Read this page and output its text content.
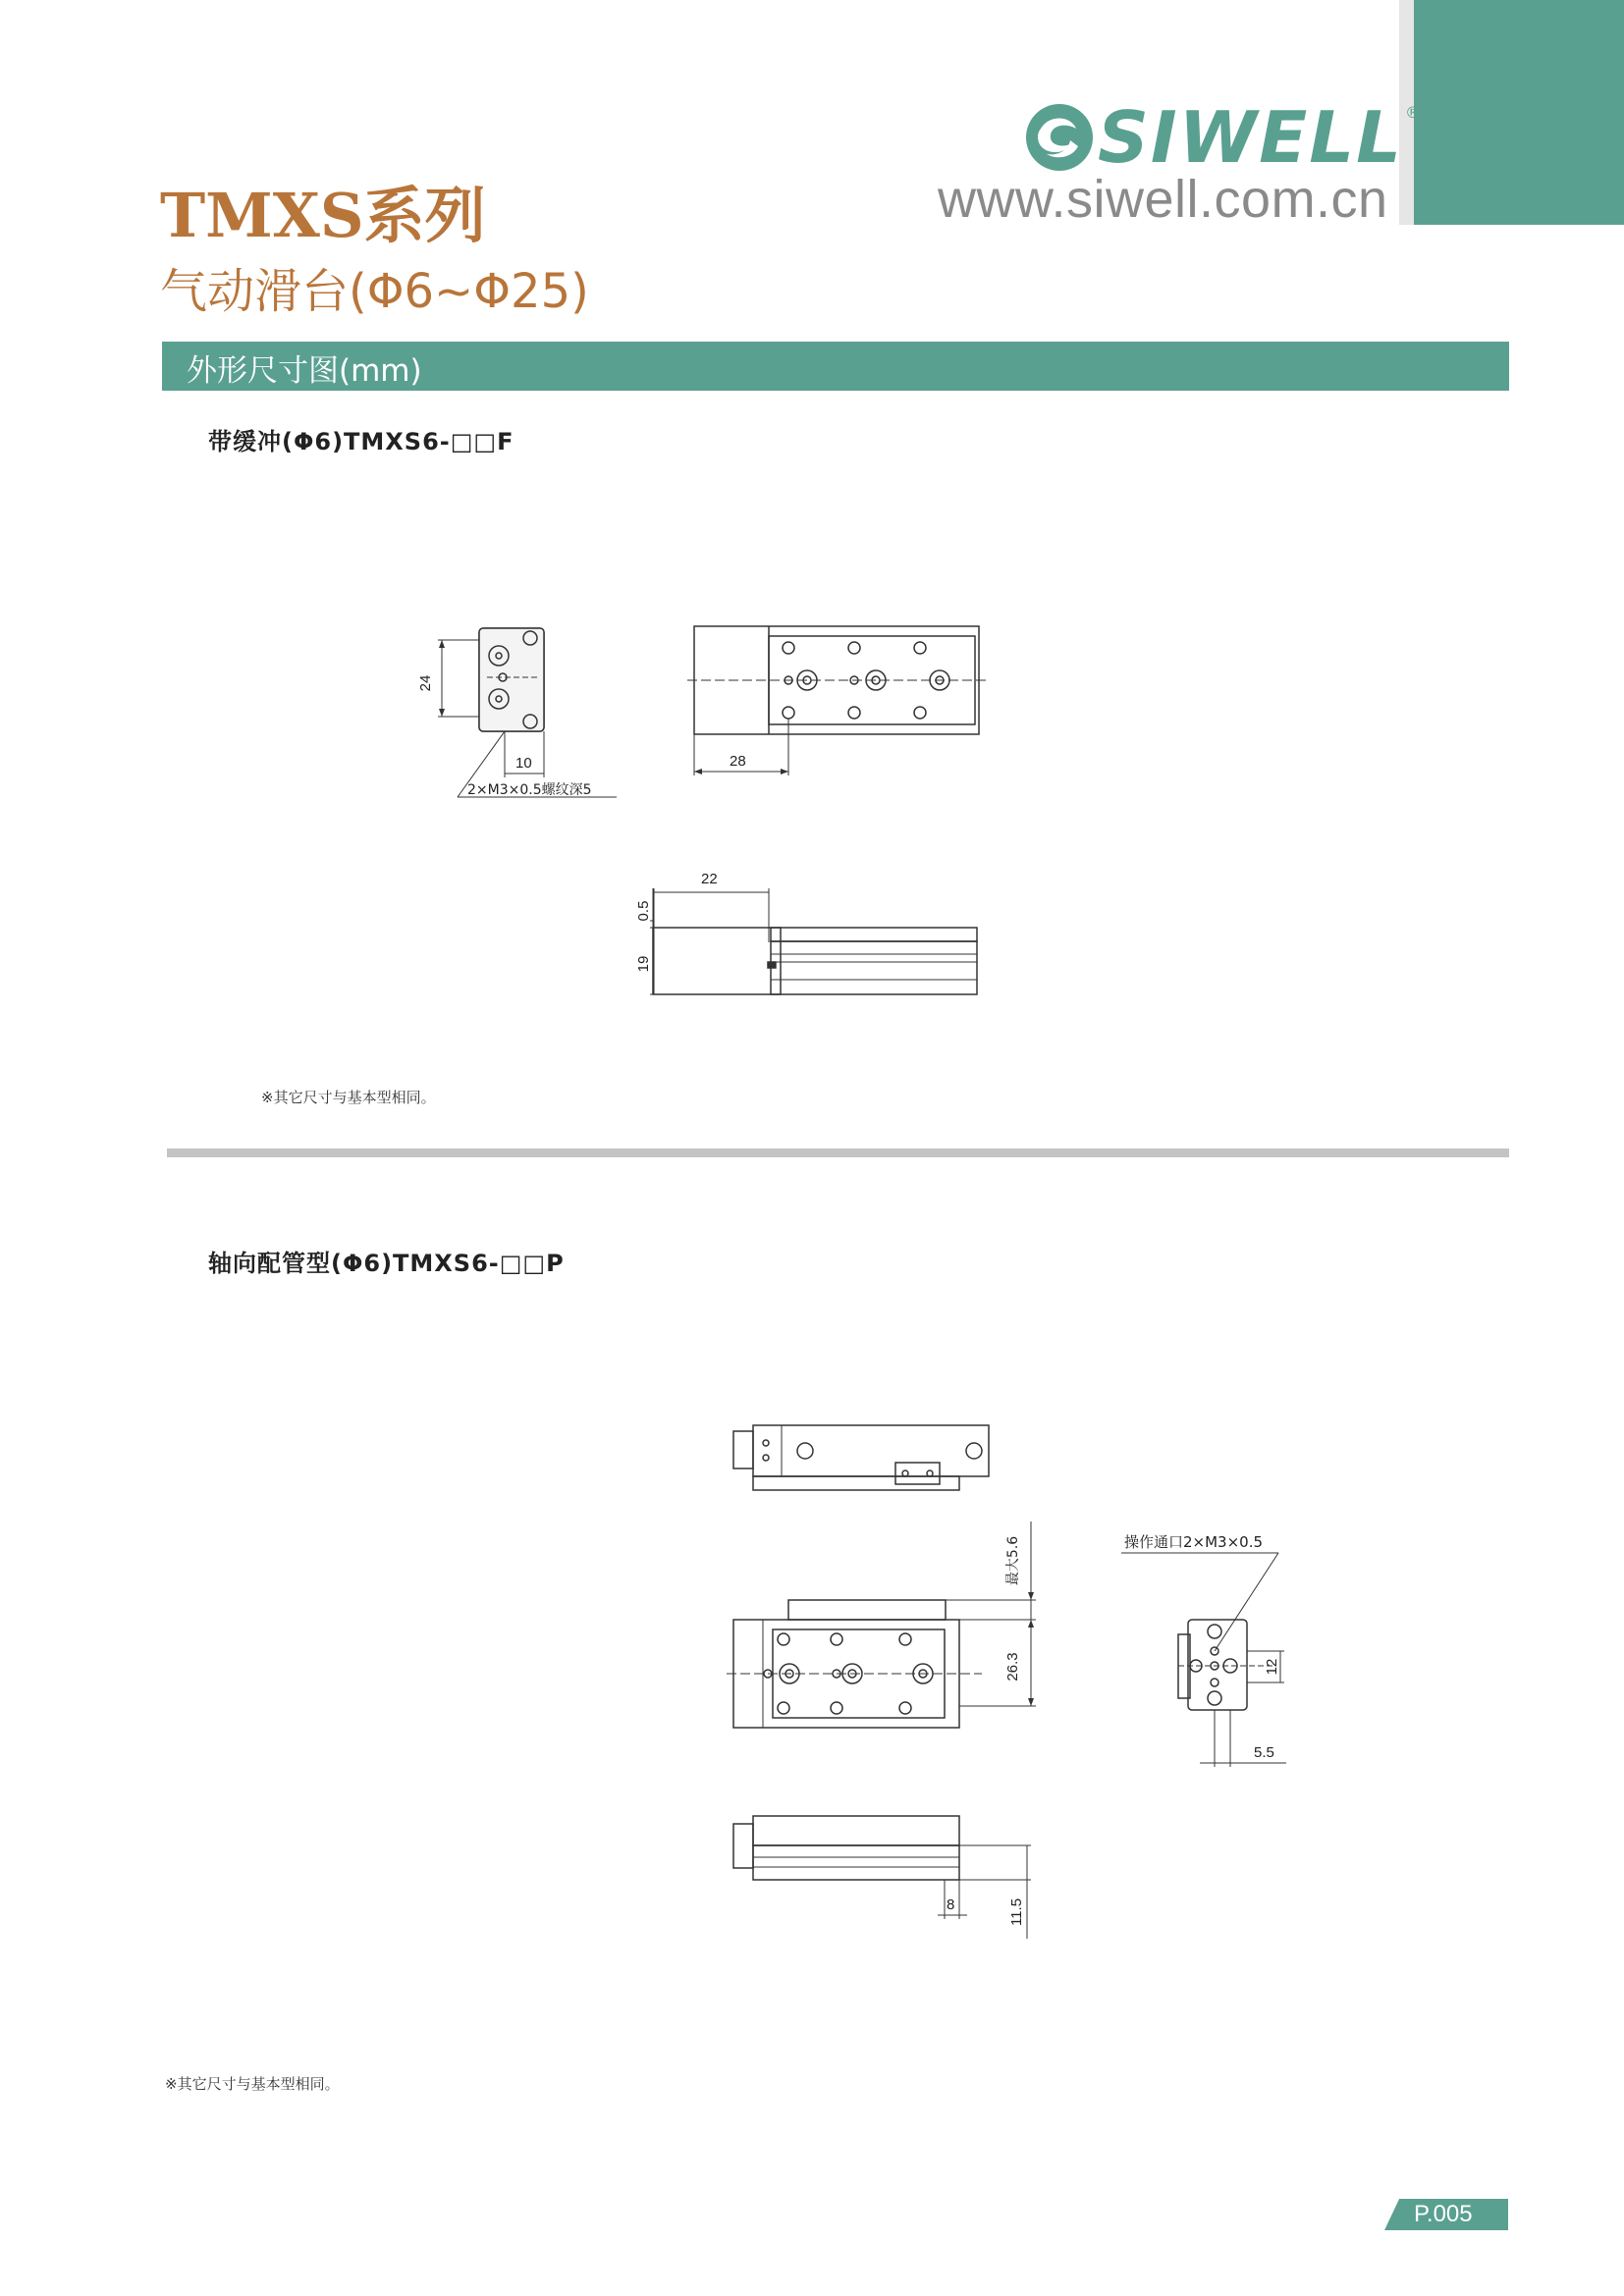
SIWELL ®
www.siwell.com.cn
TMXS系列
气动滑台(Φ6~Φ25)
外形尺寸图(mm)
带缓冲(Φ6)TMXS6-□□F
24
10
2×M3×0.5螺纹深5
28
22
0.5
19
※其它尺寸与基本型相同。
轴向配管型(Φ6)TMXS6-□□P
最大5.6
26.3
操作通口2×M3×0.5
12
5.5
8	11.5
※其它尺寸与基本型相同。
P.005
